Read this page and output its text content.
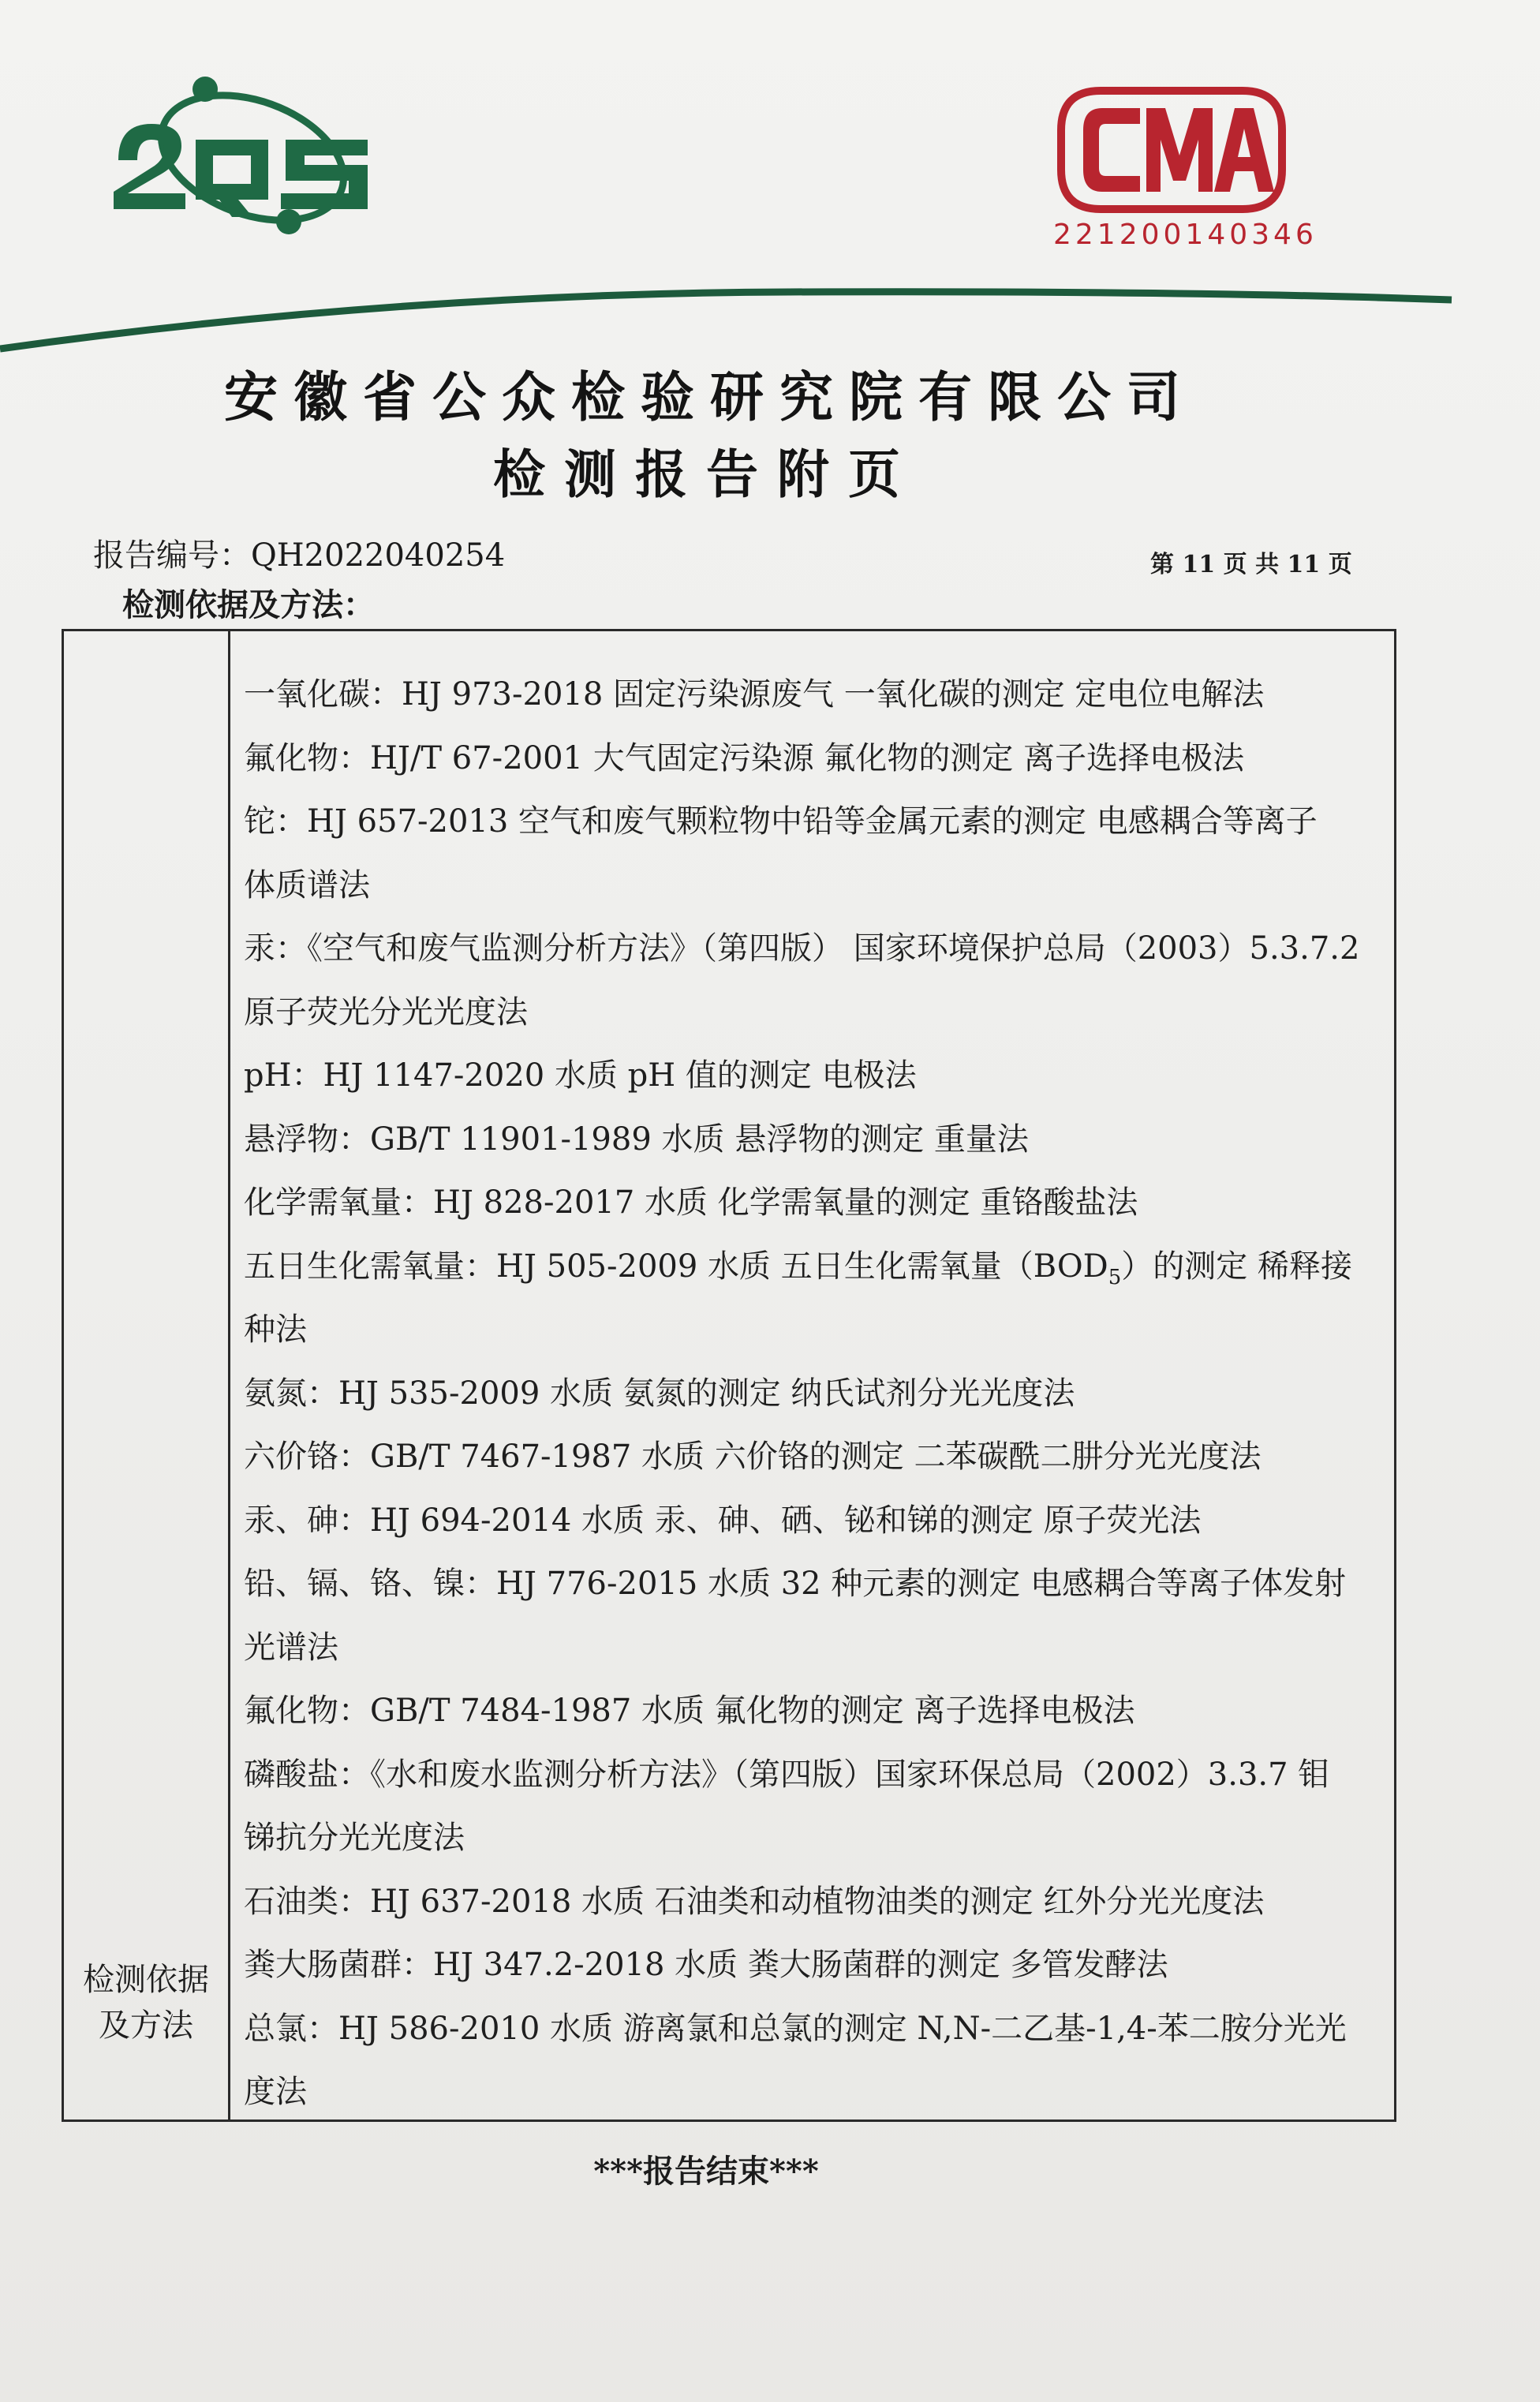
221200140346
安徽省公众检验研究院有限公司
检测报告附页
报告编号：QH2022040254	第 11 页 共 11 页
检测依据及方法：
检测依据
及方法
一氧化碳：HJ 973-2018 固定污染源废气 一氧化碳的测定 定电位电解法
氟化物：HJ/T 67-2001 大气固定污染源 氟化物的测定 离子选择电极法
铊：HJ 657-2013 空气和废气颗粒物中铅等金属元素的测定 电感耦合等离子
体质谱法
汞：《空气和废气监测分析方法》（第四版） 国家环境保护总局（2003）5.3.7.2
原子荧光分光光度法
pH：HJ 1147-2020 水质 pH 值的测定 电极法
悬浮物：GB/T 11901-1989 水质 悬浮物的测定 重量法
化学需氧量：HJ 828-2017 水质 化学需氧量的测定 重铬酸盐法
五日生化需氧量：HJ 505-2009 水质 五日生化需氧量$(BOD_5)$的测定 稀释接
种法
氨氮：HJ 535-2009 水质 氨氮的测定 纳氏试剂分光光度法
六价铬：GB/T 7467-1987 水质 六价铬的测定 二苯碳酰二肼分光光度法
汞、砷：HJ 694-2014 水质 汞、砷、硒、铋和锑的测定 原子荧光法
铅、镉、铬、镍：HJ 776-2015 水质 32 种元素的测定 电感耦合等离子体发射
光谱法
氟化物：GB/T 7484-1987 水质 氟化物的测定 离子选择电极法
磷酸盐：《水和废水监测分析方法》（第四版）国家环保总局（2002）3.3.7 钼
锑抗分光光度法
石油类：HJ 637-2018 水质 石油类和动植物油类的测定 红外分光光度法
粪大肠菌群：HJ 347.2-2018 水质 粪大肠菌群的测定 多管发酵法
总氯：HJ 586-2010 水质 游离氯和总氯的测定 N,N-二乙基-1,4-苯二胺分光光
度法
***报告结束***
